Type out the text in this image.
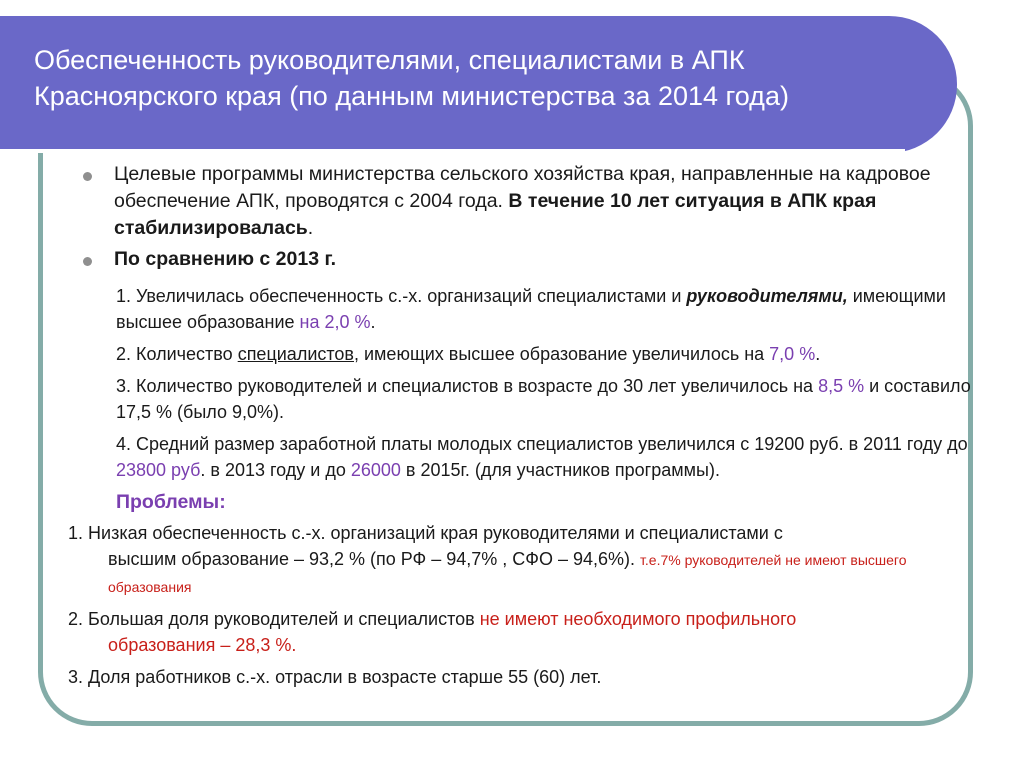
Обеспеченность руководителями, специалистами в АПК
Красноярского края (по данным министерства за 2014 года)

Целевые программы министерства сельского хозяйства края, направленные на кадровое обеспечение АПК, проводятся с 2004 года. В течение 10 лет ситуация в АПК края стабилизировалась.

По сравнению с 2013 г.

1. Увеличилась обеспеченность с.-х. организаций специалистами и руководителями, имеющими высшее образование на 2,0 %.

2. Количество специалистов, имеющих высшее образование увеличилось на 7,0 %.

3. Количество руководителей и специалистов в возрасте до 30 лет увеличилось на 8,5 % и составило 17,5 % (было 9,0%).

4. Средний размер заработной платы молодых специалистов увеличился с 19200 руб. в 2011 году до 23800 руб. в 2013 году и до 26000 в 2015г. (для участников программы).

Проблемы:

1. Низкая обеспеченность с.-х. организаций края руководителями и специалистами с
высшим образование – 93,2 % (по РФ – 94,7% , СФО – 94,6%). т.е.7% руководителей не имеют высшего образования

2. Большая доля руководителей и специалистов не имеют необходимого профильного
образования – 28,3 %.

3. Доля работников с.-х. отрасли в возрасте старше 55 (60) лет.
